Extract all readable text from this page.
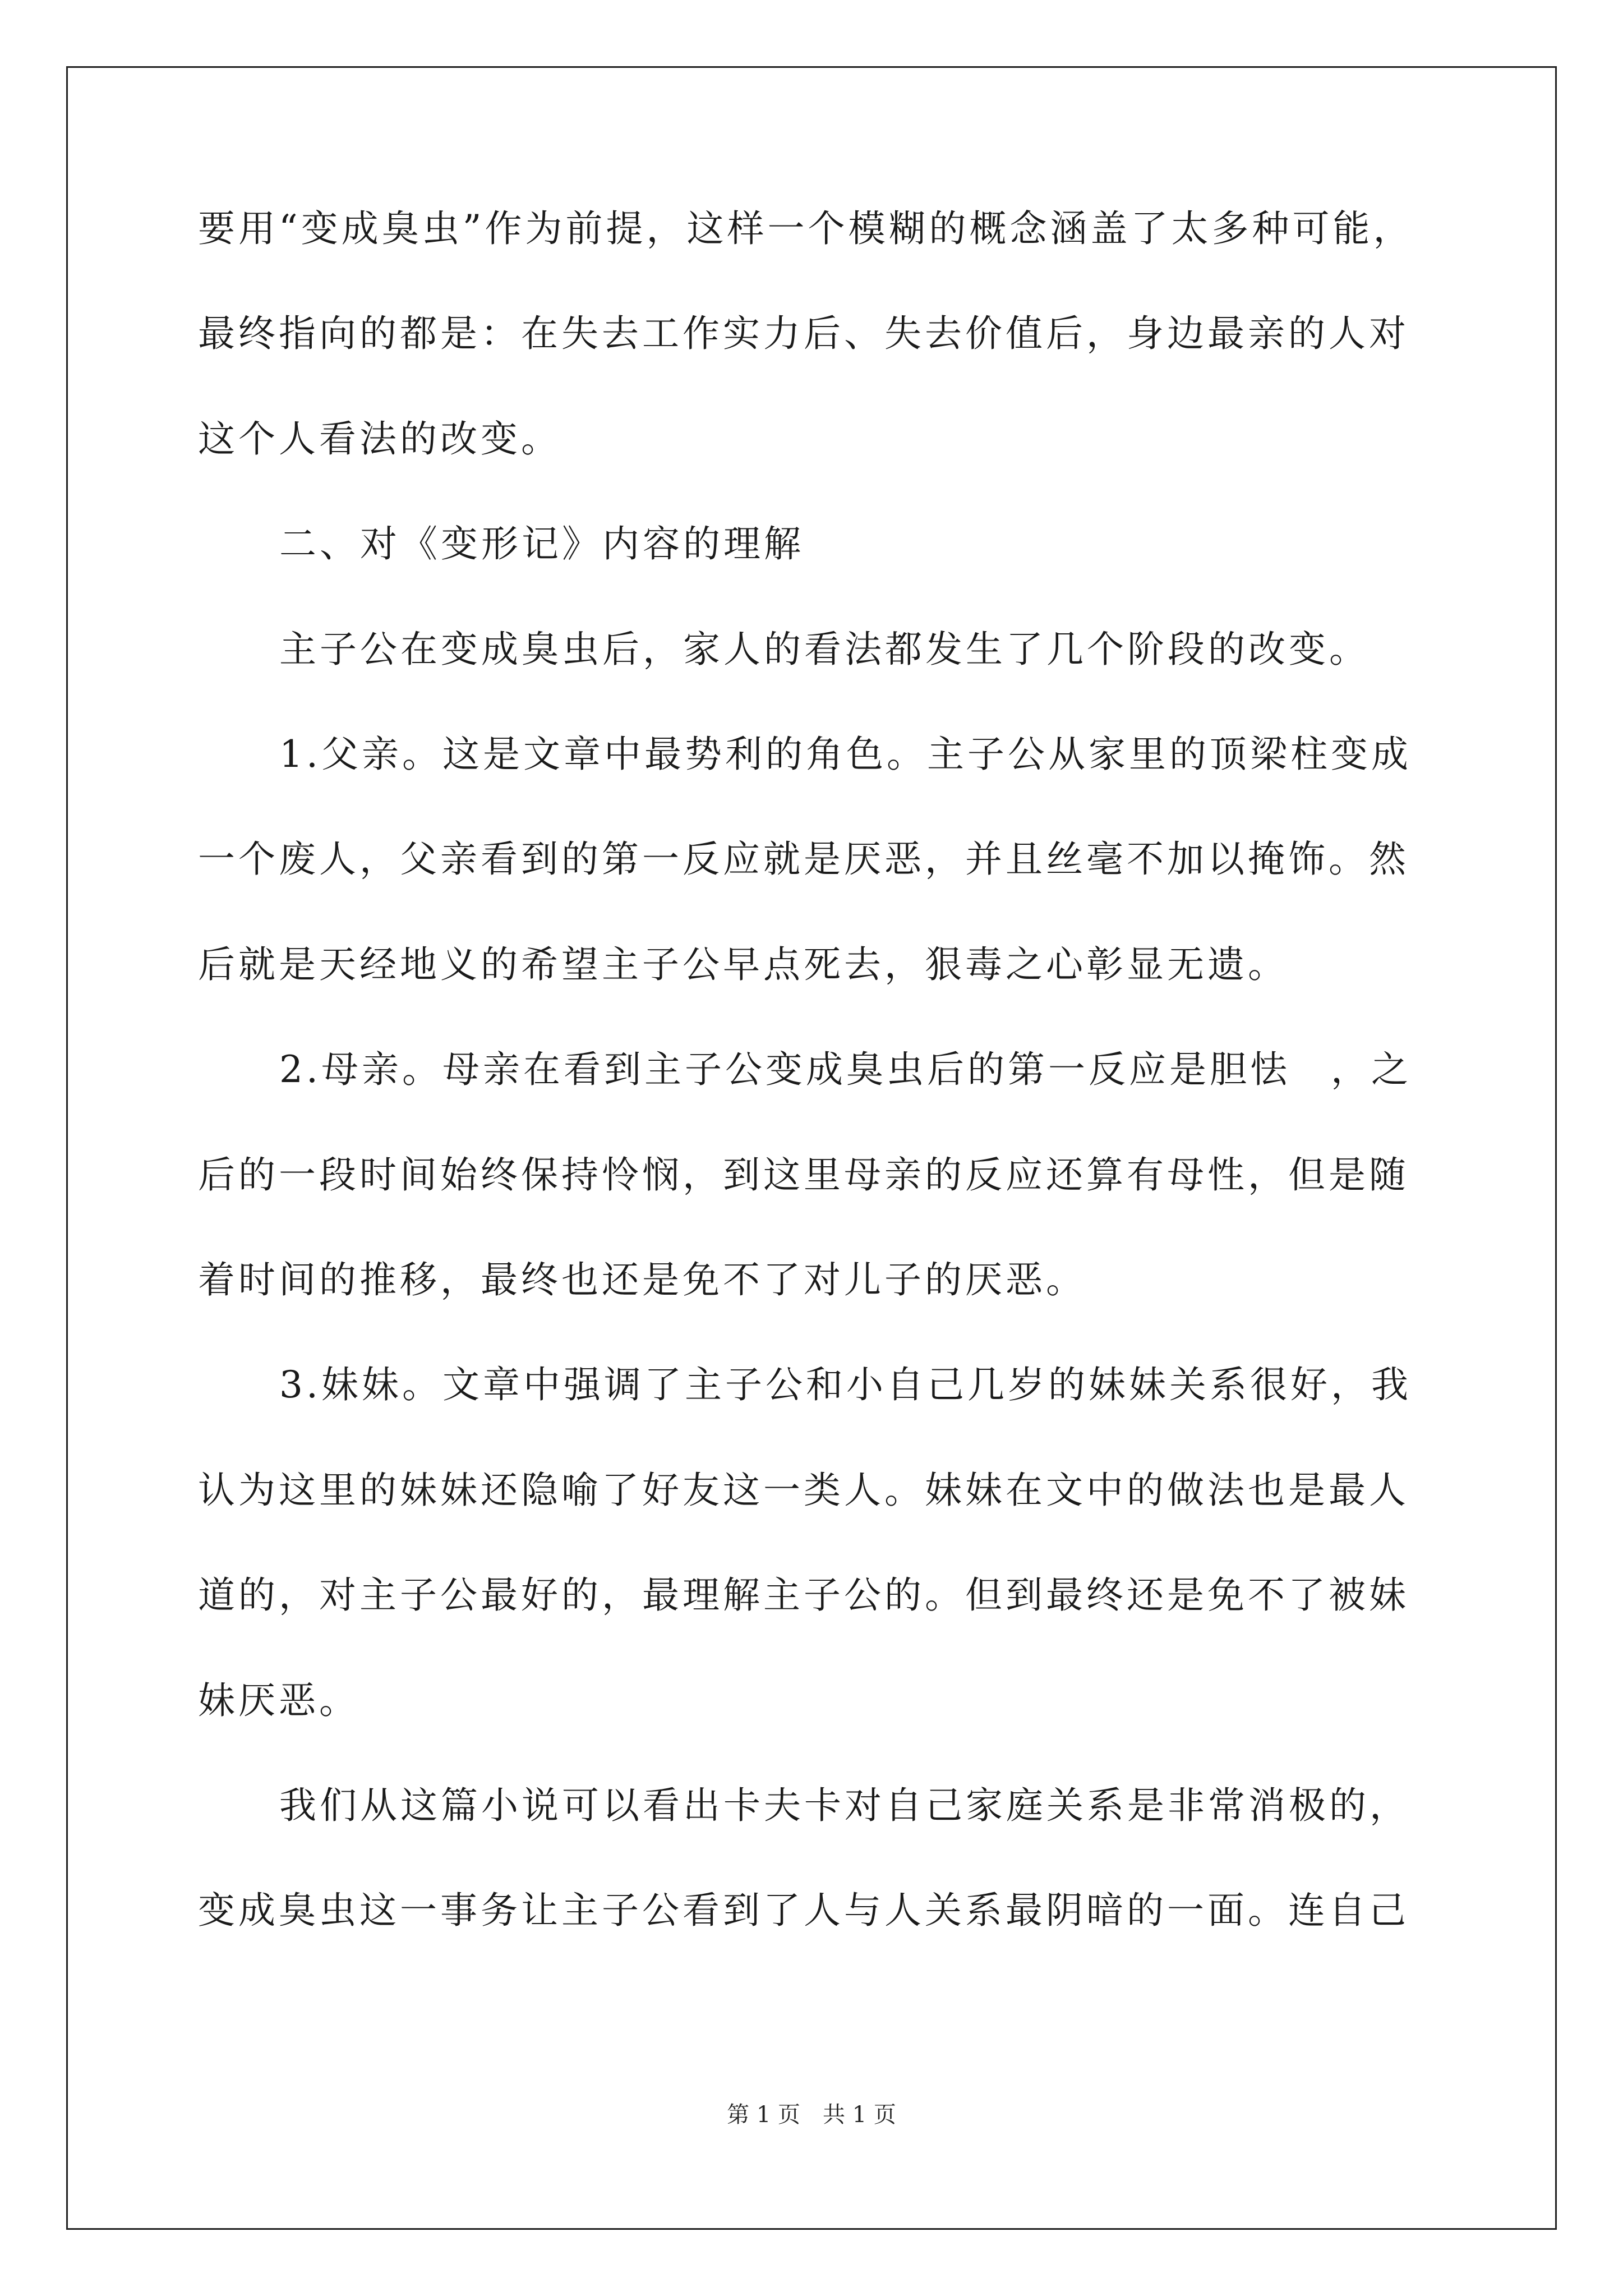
要用“变成臭虫”作为前提，这样一个模糊的概念涵盖了太多种可能，
最终指向的都是：在失去工作实力后、失去价值后，身边最亲的人对
这个人看法的改变。
二、对《变形记》内容的理解
主子公在变成臭虫后，家人的看法都发生了几个阶段的改变。
1.父亲。这是文章中最势利的角色。主子公从家里的顶梁柱变成
一个废人，父亲看到的第一反应就是厌恶，并且丝毫不加以掩饰。然
后就是天经地义的希望主子公早点死去，狠毒之心彰显无遗。
2.母亲。母亲在看到主子公变成臭虫后的第一反应是胆怯　，之
后的一段时间始终保持怜悯，到这里母亲的反应还算有母性，但是随
着时间的推移，最终也还是免不了对儿子的厌恶。
3.妹妹。文章中强调了主子公和小自己几岁的妹妹关系很好，我
认为这里的妹妹还隐喻了好友这一类人。妹妹在文中的做法也是最人
道的，对主子公最好的，最理解主子公的。但到最终还是免不了被妹
妹厌恶。
我们从这篇小说可以看出卡夫卡对自己家庭关系是非常消极的，
变成臭虫这一事务让主子公看到了人与人关系最阴暗的一面。连自己
第 1 页　共 1 页
